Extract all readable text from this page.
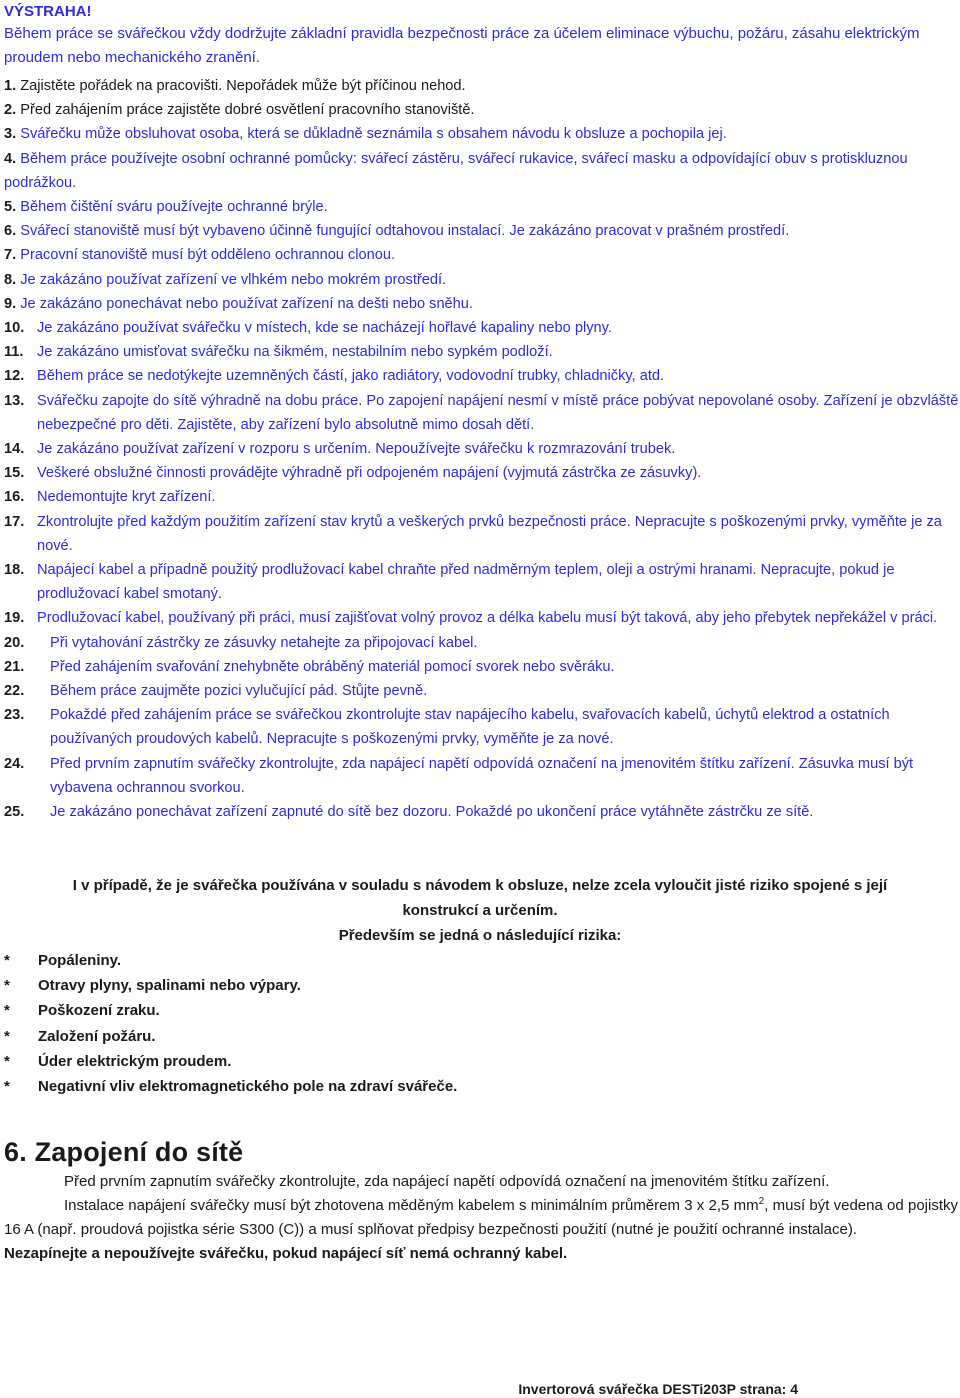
VÝSTRAHA!
Během práce se svářečkou vždy dodržujte základní pravidla bezpečnosti práce za účelem eliminace výbuchu, požáru, zásahu elektrickým proudem nebo mechanického zranění.
1. Zajistěte pořádek na pracovišti. Nepořádek může být příčinou nehod.
2. Před zahájením práce zajistěte dobré osvětlení pracovního stanoviště.
3. Svářečku může obsluhovat osoba, která se důkladně seznámila s obsahem návodu k obsluze a pochopila jej.
4. Během práce používejte osobní ochranné pomůcky: svářecí zástěru, svářecí rukavice, svářecí masku a odpovídající obuv s protiskluznou podrážkou.
5. Během čištění sváru používejte ochranné brýle.
6. Svářecí stanoviště musí být vybaveno účinně fungující odtahovou instalací. Je zakázáno pracovat v prašném prostředí.
7. Pracovní stanoviště musí být odděleno ochrannou clonou.
8. Je zakázáno používat zařízení ve vlhkém nebo mokrém prostředí.
9. Je zakázáno ponechávat nebo používat zařízení na dešti nebo sněhu.
10. Je zakázáno používat svářečku v místech, kde se nacházejí hořlavé kapaliny nebo plyny.
11. Je zakázáno umisťovat svářečku na šikmém, nestabilním nebo sypkém podloží.
12. Během práce se nedotýkejte uzemněných částí, jako radiátory, vodovodní trubky, chladničky, atd.
13. Svářečku zapojte do sítě výhradně na dobu práce. Po zapojení napájení nesmí v místě práce pobývat nepovolané osoby. Zařízení je obzvláště nebezpečné pro děti. Zajistěte, aby zařízení bylo absolutně mimo dosah dětí.
14. Je zakázáno používat zařízení v rozporu s určením. Nepoužívejte svářečku k rozmrazování trubek.
15. Veškeré obslužné činnosti provádějte výhradně při odpojeném napájení (vyjmutá zástrčka ze zásuvky).
16. Nedemontujte kryt zařízení.
17. Zkontrolujte před každým použitím zařízení stav krytů a veškerých prvků bezpečnosti práce. Nepracujte s poškozenými prvky, vyměňte je za nové.
18. Napájecí kabel a případně použitý prodlužovací kabel chraňte před nadměrným teplem, oleji a ostrými hranami. Nepracujte, pokud je prodlužovací kabel smotaný.
19. Prodlužovací kabel, používaný při práci, musí zajišťovat volný provoz a délka kabelu musí být taková, aby jeho přebytek nepřekážel v práci.
20. Při vytahování zástrčky ze zásuvky netahejte za připojovací kabel.
21. Před zahájením svařování znehybněte obráběný materiál pomocí svorek nebo svěráku.
22. Během práce zaujměte pozici vylučující pád. Stůjte pevně.
23. Pokaždé před zahájením práce se svářečkou zkontrolujte stav napájecího kabelu, svařovacích kabelů, úchytů elektrod a ostatních používaných proudových kabelů. Nepracujte s poškozenými prvky, vyměňte je za nové.
24. Před prvním zapnutím svářečky zkontrolujte, zda napájecí napětí odpovídá označení na jmenovitém štítku zařízení. Zásuvka musí být vybavena ochrannou svorkou.
25. Je zakázáno ponechávat zařízení zapnuté do sítě bez dozoru. Pokaždé po ukončení práce vytáhněte zástrčku ze sítě.
I v případě, že je svářečka používána v souladu s návodem k obsluze, nelze zcela vyloučit jisté riziko spojené s její konstrukcí a určením.
Především se jedná o následující rizika:
* Popáleniny.
* Otravy plyny, spalinami nebo výpary.
* Poškození zraku.
* Založení požáru.
* Úder elektrickým proudem.
* Negativní vliv elektromagnetického pole na zdraví svářeče.
6. Zapojení do sítě
Před prvním zapnutím svářečky zkontrolujte, zda napájecí napětí odpovídá označení na jmenovitém štítku zařízení.
Instalace napájení svářečky musí být zhotovena měděným kabelem s minimálním průměrem 3 x 2,5 $mm^2$, musí být vedena od pojistky 16 A (např. proudová pojistka série S300 (C)) a musí splňovat předpisy bezpečnosti použití (nutné je použití ochranné instalace).
Nezapínejte a nepoužívejte svářečku, pokud napájecí síť nemá ochranný kabel.
Invertorová svářečka DESTi203P strana: 4
